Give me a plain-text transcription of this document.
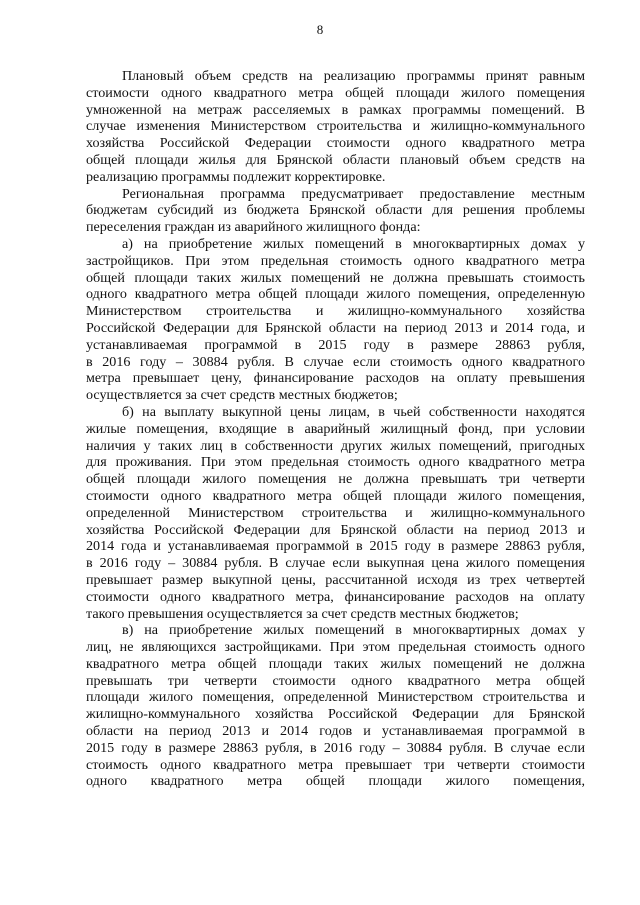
8
Плановый объем средств на реализацию программы принят равным
стоимости одного квадратного метра общей площади жилого помещения
умноженной на метраж расселяемых в рамках программы помещений. В
случае изменения Министерством строительства и жилищно-коммунального
хозяйства Российской Федерации стоимости одного квадратного метра
общей площади жилья для Брянской области плановый объем средств на
реализацию программы подлежит корректировке.
Региональная программа предусматривает предоставление местным
бюджетам субсидий из бюджета Брянской области для решения проблемы
переселения граждан из аварийного жилищного фонда:
а) на приобретение жилых помещений в многоквартирных домах у
застройщиков. При этом предельная стоимость одного квадратного метра
общей площади таких жилых помещений не должна превышать стоимость
одного квадратного метра общей площади жилого помещения, определенную
Министерством строительства и жилищно-коммунального хозяйства
Российской Федерации для Брянской области на период 2013 и 2014 года, и
устанавливаемая программой в 2015 году в размере 28863 рубля,
в 2016 году – 30884 рубля. В случае если стоимость одного квадратного
метра превышает цену, финансирование расходов на оплату превышения
осуществляется за счет средств местных бюджетов;
б) на выплату выкупной цены лицам, в чьей собственности находятся
жилые помещения, входящие в аварийный жилищный фонд, при условии
наличия у таких лиц в собственности других жилых помещений, пригодных
для проживания. При этом предельная стоимость одного квадратного метра
общей площади жилого помещения не должна превышать три четверти
стоимости одного квадратного метра общей площади жилого помещения,
определенной Министерством строительства и жилищно-коммунального
хозяйства Российской Федерации для Брянской области на период 2013 и
2014 года и устанавливаемая программой в 2015 году в размере 28863 рубля,
в 2016 году – 30884 рубля. В случае если выкупная цена жилого помещения
превышает размер выкупной цены, рассчитанной исходя из трех четвертей
стоимости одного квадратного метра, финансирование расходов на оплату
такого превышения осуществляется за счет средств местных бюджетов;
в) на приобретение жилых помещений в многоквартирных домах у
лиц, не являющихся застройщиками. При этом предельная стоимость одного
квадратного метра общей площади таких жилых помещений не должна
превышать три четверти стоимости одного квадратного метра общей
площади жилого помещения, определенной Министерством строительства и
жилищно-коммунального хозяйства Российской Федерации для Брянской
области на период 2013 и 2014 годов и устанавливаемая программой в
2015 году в размере 28863 рубля, в 2016 году – 30884 рубля. В случае если
стоимость одного квадратного метра превышает три четверти стоимости
одного квадратного метра общей площади жилого помещения,
